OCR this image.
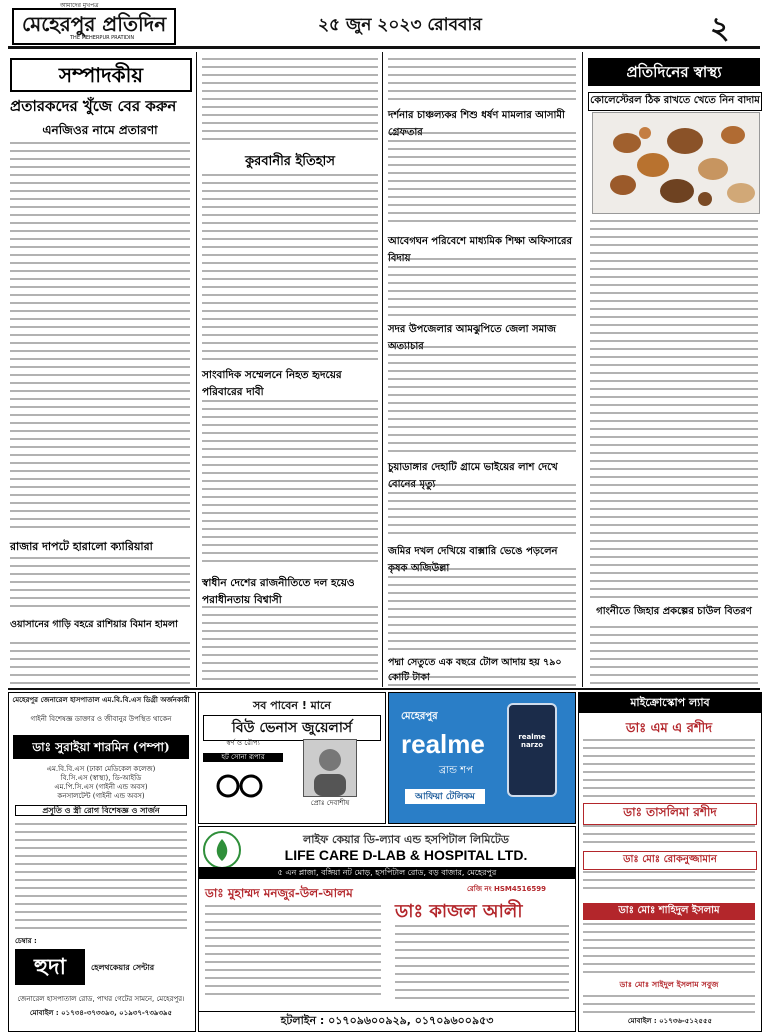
আমাদের মুখপত্র
মেহেরপুর প্রতিদিন
THE MEHERPUR PRATIDIN
২৫ জুন ২০২৩ রোববার	২
সম্পাদকীয়
প্রতারকদের খুঁজে বের করুন
এনজিওর নামে প্রতারণা
রাজার দাপটে হারালো ক্যারিয়ারা
ওয়াসানের গাড়ি বহরে রাশিয়ার বিমান হামলা
কুরবানীর ইতিহাস
সাংবাদিক সম্মেলনে নিহত হৃদয়ের পরিবারের দাবী
স্বাধীন দেশের রাজনীতিতে দল হয়েও পরাধীনতায় বিশ্বাসী
দর্শনার চাঞ্চল্যকর শিশু ধর্ষণ মামলার আসামী গ্রেফতার
আবেগঘন পরিবেশে মাধ্যমিক শিক্ষা অফিসারের বিদায়
সদর উপজেলার আমঝুপিতে জেলা সমাজ অত্যাচার
চুয়াডাঙ্গার দেহাটি গ্রামে ভাইয়ের লাশ দেখে বোনের মৃত্যু
জমির দখল দেখিয়ে বাক্সারি ভেঙে পড়লেন কৃষক অজিউল্লা
পদ্মা সেতুতে এক বছরে টোল আদায় হয় ৭৯০ কোটি টাকা
প্রতিদিনের স্বাস্থ্য
কোলেস্টেরল ঠিক রাখতে খেতে নিন বাদাম
গাংনীতে জিহার প্রকল্পের চাউল বিতরণ
মেহেরপুর জেনারেল হাসপাতাল এম.বি.বি.এস ডিগ্রী অর্জনকারী
গাইনী বিশেষজ্ঞ ডাক্তার ও জীবানুর উপস্থিত থাকেন
ডাঃ সুরাইয়া শারমিন (পম্পা)
এম.বি.বি.এস (ঢাকা মেডিকেল কলেজ)
বি.সি.এস (স্বাস্থ্য), ডি-আইডি
এম.পি.সি.এস (গাইনী এন্ড অবস)
কনসালটেন্ট (গাইনী এন্ড অবস)
প্রসূতি ও স্ত্রী রোগ বিশেষজ্ঞ ও সার্জন
চেম্বার :
হুদা	হেলথকেয়ার সেন্টার
জেনারেল হাসপাতাল রোড, পাখর গেটের সামনে, মেহেরপুর।
মোবাইল : ০১৭৩৪-৩৭৩৩৯৩, ০১৯৩৭-৭৩৯৩৯৫
সব পাবেন ! মানে
বিউ ভেনাস জুয়েলার্স
স্বর্ণ ও রৌপ্য
হট সোনা রূপার
প্রোঃ দেবাশীষ
মেহেরপুর
realme
ব্রান্ড শপ
আফিয়া টেলিকম
realme
narzo
লাইফ কেয়ার ডি-ল্যাব এন্ড হসপিটাল লিমিটেড
LIFE CARE D-LAB & HOSPITAL LTD.
৫ এন প্লাজা, বঙ্গিয়া নট মোড়, হসপিটাল রোড, বড় বাজার, মেহেরপুর
ডাঃ মুহাম্মদ মনজুর-উল-আলম	রেজি নং HSM4516599
ডাঃ কাজল আলী
হটলাইন : ০১৭০৯৬০০৯২৯, ০১৭০৯৬০০৯৫৩
মাইক্রোস্কোপ ল্যাব
ডাঃ এম এ রশীদ
ডাঃ তাসলিমা রশীদ
ডাঃ মোঃ রোকনুজ্জামান
ডাঃ মোঃ শাহিদুল ইসলাম
ডাঃ মোঃ সাইদুল ইসলাম সবুজ
মোবাইল : ০১৭৩৬-৫১২৫৫৫
